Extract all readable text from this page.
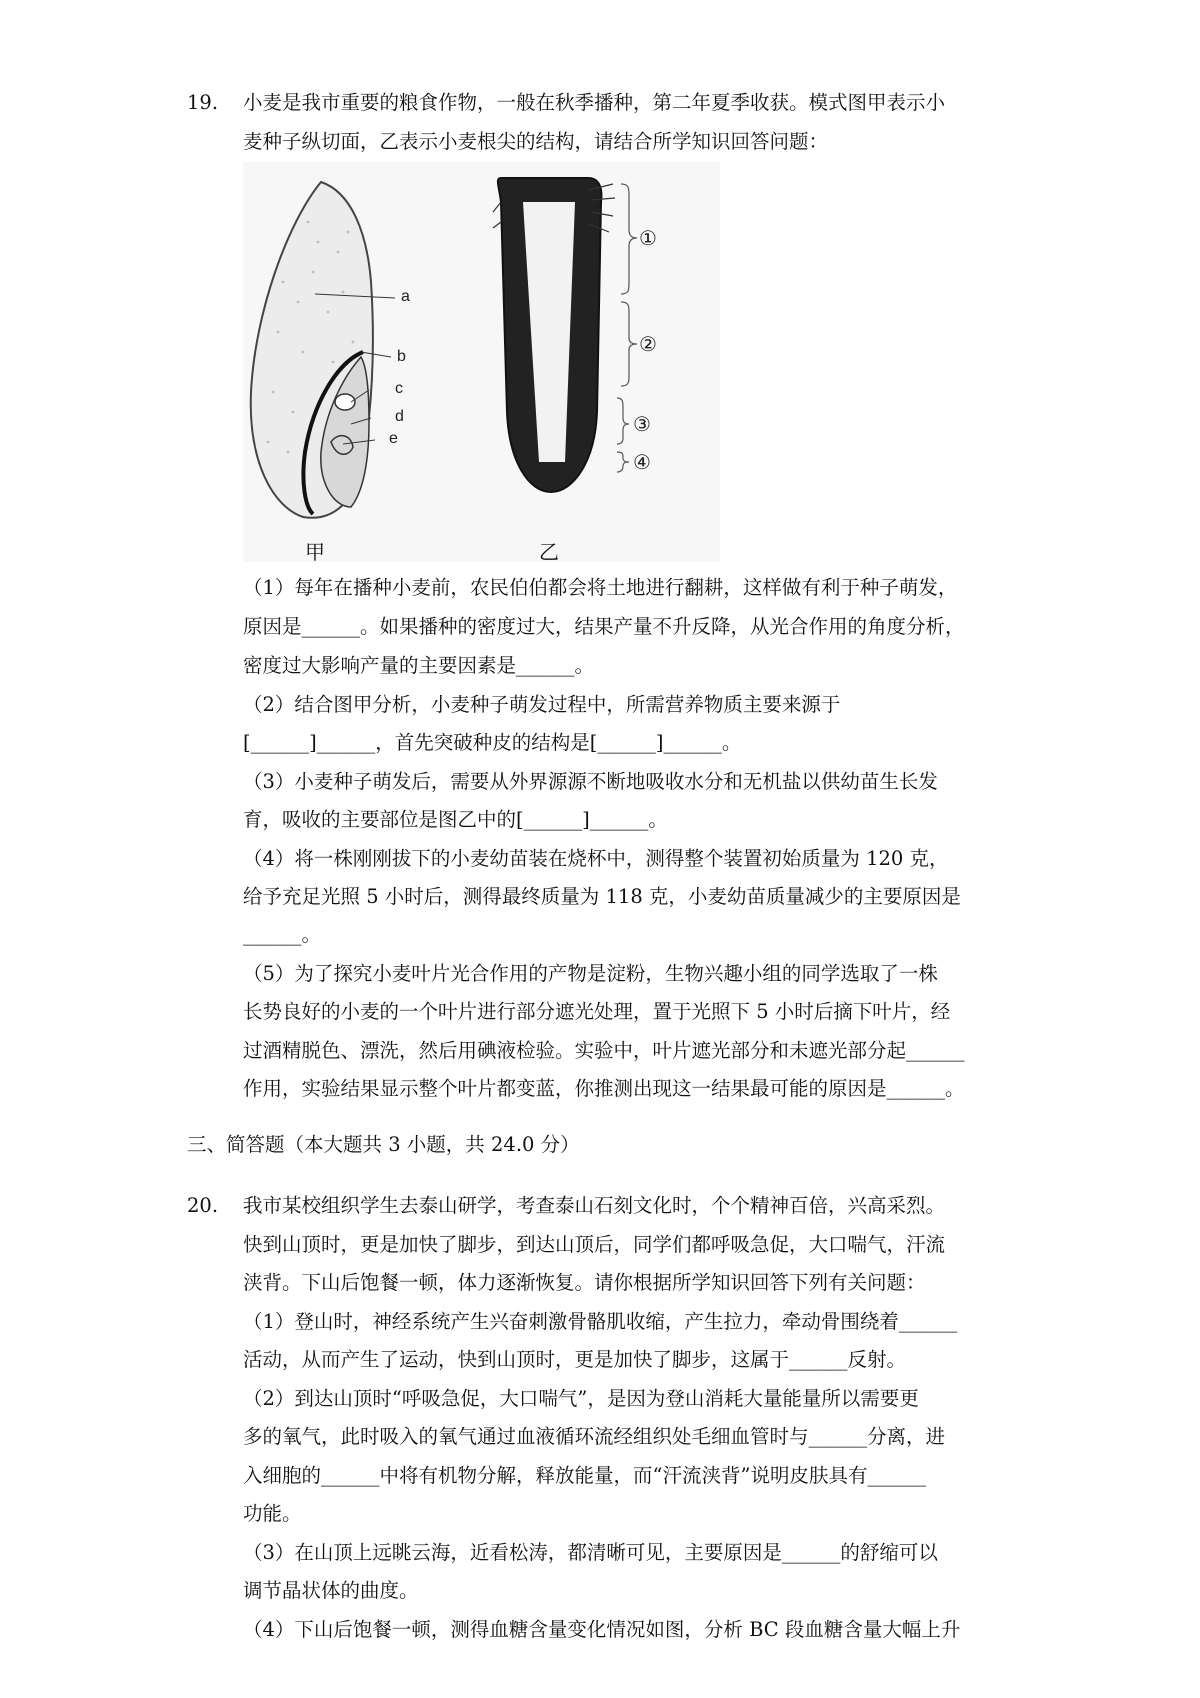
19. 小麦是我市重要的粮食作物，一般在秋季播种，第二年夏季收获。模式图甲表示小
麦种子纵切面，乙表示小麦根尖的结构，请结合所学知识回答问题：
a
b
c
d
e
①
②
③
④
甲	乙
（1）每年在播种小麦前，农民伯伯都会将土地进行翻耕，这样做有利于种子萌发，
原因是______。如果播种的密度过大，结果产量不升反降，从光合作用的角度分析，
密度过大影响产量的主要因素是______。
（2）结合图甲分析，小麦种子萌发过程中，所需营养物质主要来源于
[______]______，首先突破种皮的结构是[______]______。
（3）小麦种子萌发后，需要从外界源源不断地吸收水分和无机盐以供幼苗生长发
育，吸收的主要部位是图乙中的[______]______。
（4）将一株刚刚拔下的小麦幼苗装在烧杯中，测得整个装置初始质量为 120 克，
给予充足光照 5 小时后，测得最终质量为 118 克，小麦幼苗质量减少的主要原因是
______。
（5）为了探究小麦叶片光合作用的产物是淀粉，生物兴趣小组的同学选取了一株
长势良好的小麦的一个叶片进行部分遮光处理，置于光照下 5 小时后摘下叶片，经
过酒精脱色、漂洗，然后用碘液检验。实验中，叶片遮光部分和未遮光部分起______
作用，实验结果显示整个叶片都变蓝，你推测出现这一结果最可能的原因是______。
三、简答题（本大题共 3 小题，共 24.0 分）
20. 我市某校组织学生去泰山研学，考查泰山石刻文化时，个个精神百倍，兴高采烈。
快到山顶时，更是加快了脚步，到达山顶后，同学们都呼吸急促，大口喘气，汗流
浃背。下山后饱餐一顿，体力逐渐恢复。请你根据所学知识回答下列有关问题：
（1）登山时，神经系统产生兴奋刺激骨骼肌收缩，产生拉力，牵动骨围绕着______
活动，从而产生了运动，快到山顶时，更是加快了脚步，这属于______反射。
（2）到达山顶时“呼吸急促，大口喘气”，是因为登山消耗大量能量所以需要更
多的氧气，此时吸入的氧气通过血液循环流经组织处毛细血管时与______分离，进
入细胞的______中将有机物分解，释放能量，而“汗流浃背”说明皮肤具有______
功能。
（3）在山顶上远眺云海，近看松涛，都清晰可见，主要原因是______的舒缩可以
调节晶状体的曲度。
（4）下山后饱餐一顿，测得血糖含量变化情况如图，分析 BC 段血糖含量大幅上升
